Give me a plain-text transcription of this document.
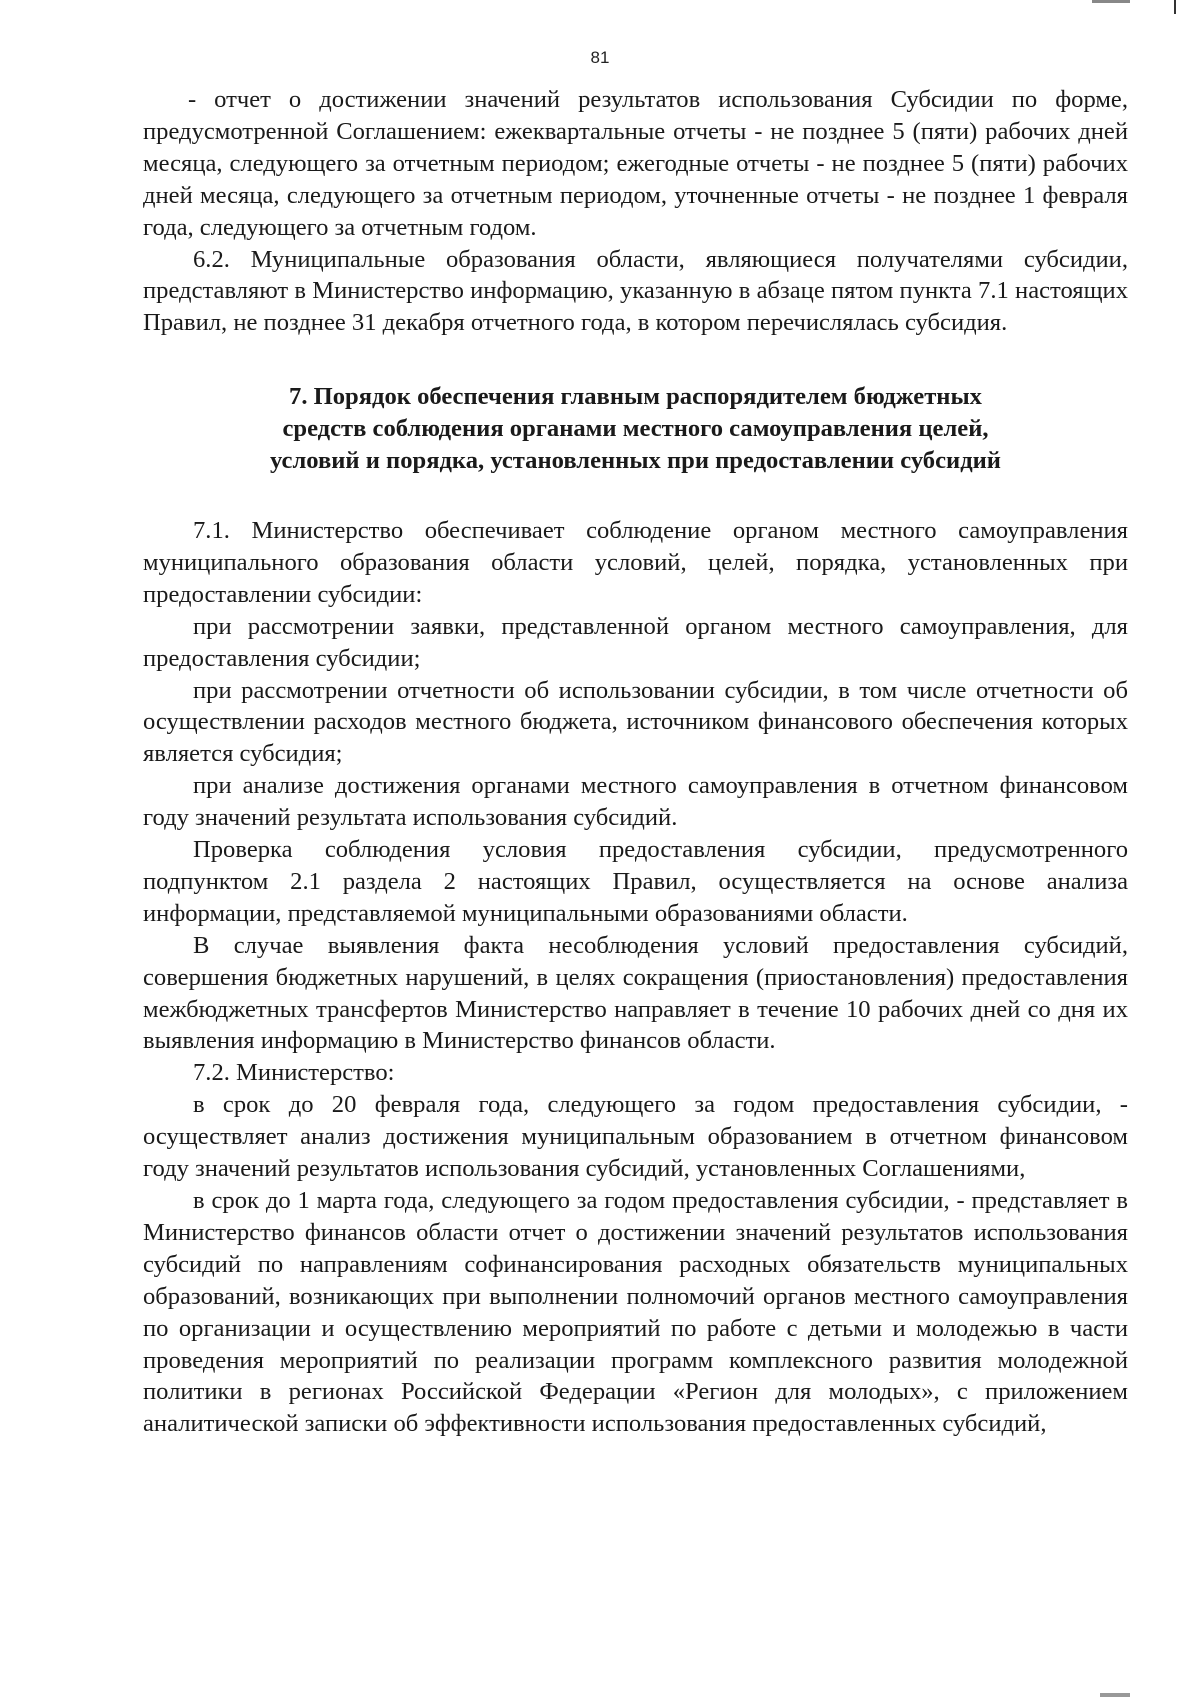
81

- отчет о достижении значений результатов использования Субсидии по форме, предусмотренной Соглашением: ежеквартальные отчеты - не позднее 5 (пяти) рабочих дней месяца, следующего за отчетным периодом; ежегодные отчеты - не позднее 5 (пяти) рабочих дней месяца, следующего за отчетным периодом, уточненные отчеты - не позднее 1 февраля года, следующего за отчетным годом.

6.2. Муниципальные образования области, являющиеся получателями субсидии, представляют в Министерство информацию, указанную в абзаце пятом пункта 7.1 настоящих Правил, не позднее 31 декабря отчетного года, в котором перечислялась субсидия.

7. Порядок обеспечения главным распорядителем бюджетных
средств соблюдения органами местного самоуправления целей,
условий и порядка, установленных при предоставлении субсидий

7.1. Министерство обеспечивает соблюдение органом местного самоуправления муниципального образования области условий, целей, порядка, установленных при предоставлении субсидии:

при рассмотрении заявки, представленной органом местного самоуправления, для предоставления субсидии;

при рассмотрении отчетности об использовании субсидии, в том числе отчетности об осуществлении расходов местного бюджета, источником финансового обеспечения которых является субсидия;

при анализе достижения органами местного самоуправления в отчетном финансовом году значений результата использования субсидий.

Проверка соблюдения условия предоставления субсидии, предусмотренного подпунктом 2.1 раздела 2 настоящих Правил, осуществляется на основе анализа информации, представляемой муниципальными образованиями области.

В случае выявления факта несоблюдения условий предоставления субсидий, совершения бюджетных нарушений, в целях сокращения (приостановления) предоставления межбюджетных трансфертов Министерство направляет в течение 10 рабочих дней со дня их выявления информацию в Министерство финансов области.

7.2. Министерство:

в срок до 20 февраля года, следующего за годом предоставления субсидии, - осуществляет анализ достижения муниципальным образованием в отчетном финансовом году значений результатов использования субсидий, установленных Соглашениями,

в срок до 1 марта года, следующего за годом предоставления субсидии, - представляет в Министерство финансов области отчет о достижении значений результатов использования субсидий по направлениям софинансирования расходных обязательств муниципальных образований, возникающих при выполнении полномочий органов местного самоуправления по организации и осуществлению мероприятий по работе с детьми и молодежью в части проведения мероприятий по реализации программ комплексного развития молодежной политики в регионах Российской Федерации «Регион для молодых», с приложением аналитической записки об эффективности использования предоставленных субсидий,
